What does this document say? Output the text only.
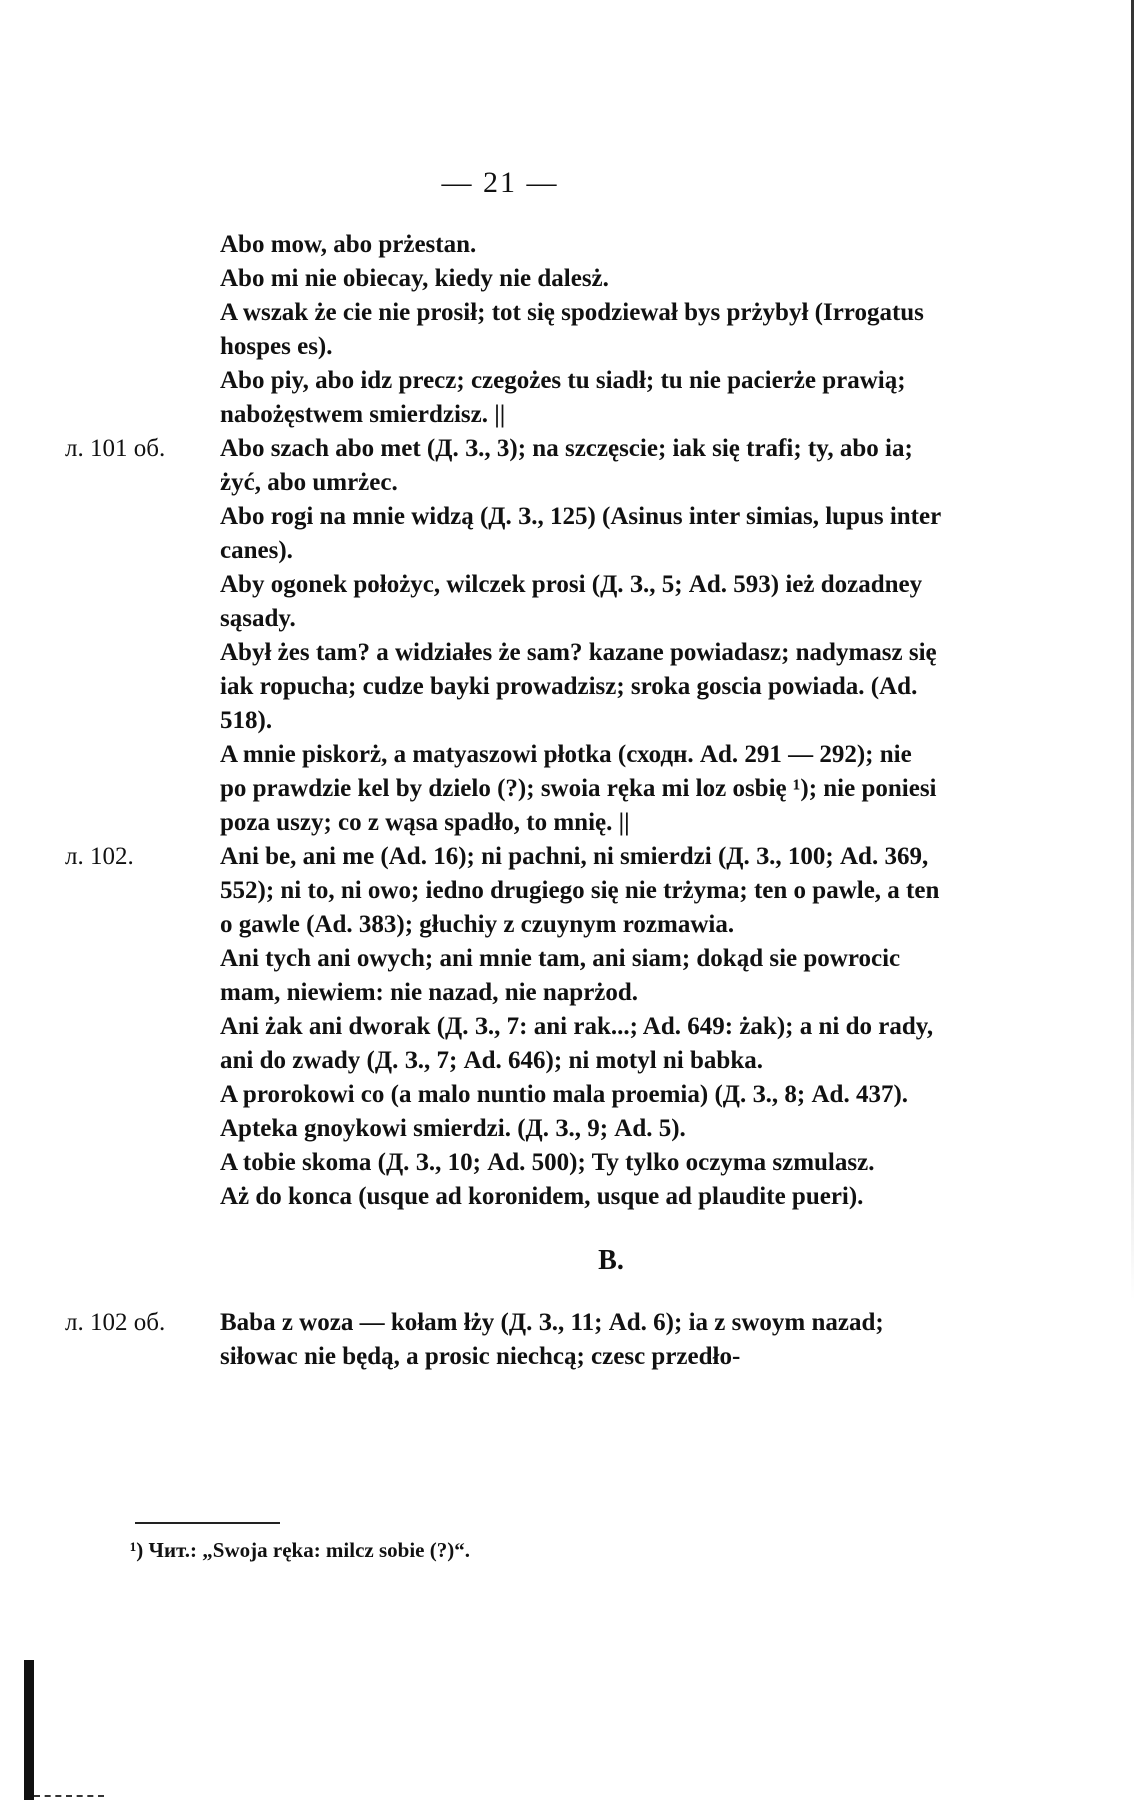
— 21 —

Abo mow, abo prżestan.

Abo mi nie obiecay, kiedy nie dalesż.

A wszak że cie nie prosił; tot się spodziewał bys prżybył (Irrogatus hospes es).

Abo piy, abo idz precz; czegożes tu siadł; tu nie pacierże prawią; nabożęstwem smierdzisz. ||

л. 101 об. Abo szach abo met (Д. З., 3); na szczęscie; iak się trafi; ty, abo ia; żyć, abo umrżec.

Abo rogi na mnie widzą (Д. З., 125) (Asinus inter simias, lupus inter canes).

Aby ogonek położyc, wilczek prosi (Д. З., 5; Ad. 593) ież dozadney sąsady.

Abył żes tam? a widziałes że sam? kazane powiadasz; nadymasz się iak ropucha; cudze bayki prowadzisz; sroka goscia powiada. (Ad. 518).

A mnie piskorż, a matyaszowi płotka (сходн. Ad. 291 — 292); nie po prawdzie kel by dzielo (?); swoia ręka mi loz osbię ¹); nie poniesi poza uszy; co z wąsa spadło, to mnię. ||

л. 102.	Ani be, ani me (Ad. 16); ni pachni, ni smierdzi (Д. З., 100; Ad. 369, 552); ni to, ni owo; iedno drugiego się nie trżyma; ten o pawle, a ten o gawle (Ad. 383); głuchiy z czuynym rozmawia.

Ani tych ani owych; ani mnie tam, ani siam; dokąd sie powrocic mam, niewiem: nie nazad, nie naprżod.

Ani żak ani dworak (Д. З., 7: ani rak...; Ad. 649: żak); a ni do rady, ani do zwady (Д. З., 7; Ad. 646); ni motyl ni babka.

A prorokowi co (a malo nuntio mala proemia) (Д. З., 8; Ad. 437).

Apteka gnoykowi smierdzi. (Д. З., 9; Ad. 5).

A tobie skoma (Д. З., 10; Ad. 500); Ty tylko oczyma szmulasz.

Aż do konca (usque ad koronidem, usque ad plaudite pueri).

B.

л. 102 об. Baba z woza — kołam łży (Д. З., 11; Ad. 6); ia z swoym nazad; siłowac nie będą, a prosic niechcą; czesc przedło-

¹) Чит.: „Swoja ręka: milcz sobie (?)“.
